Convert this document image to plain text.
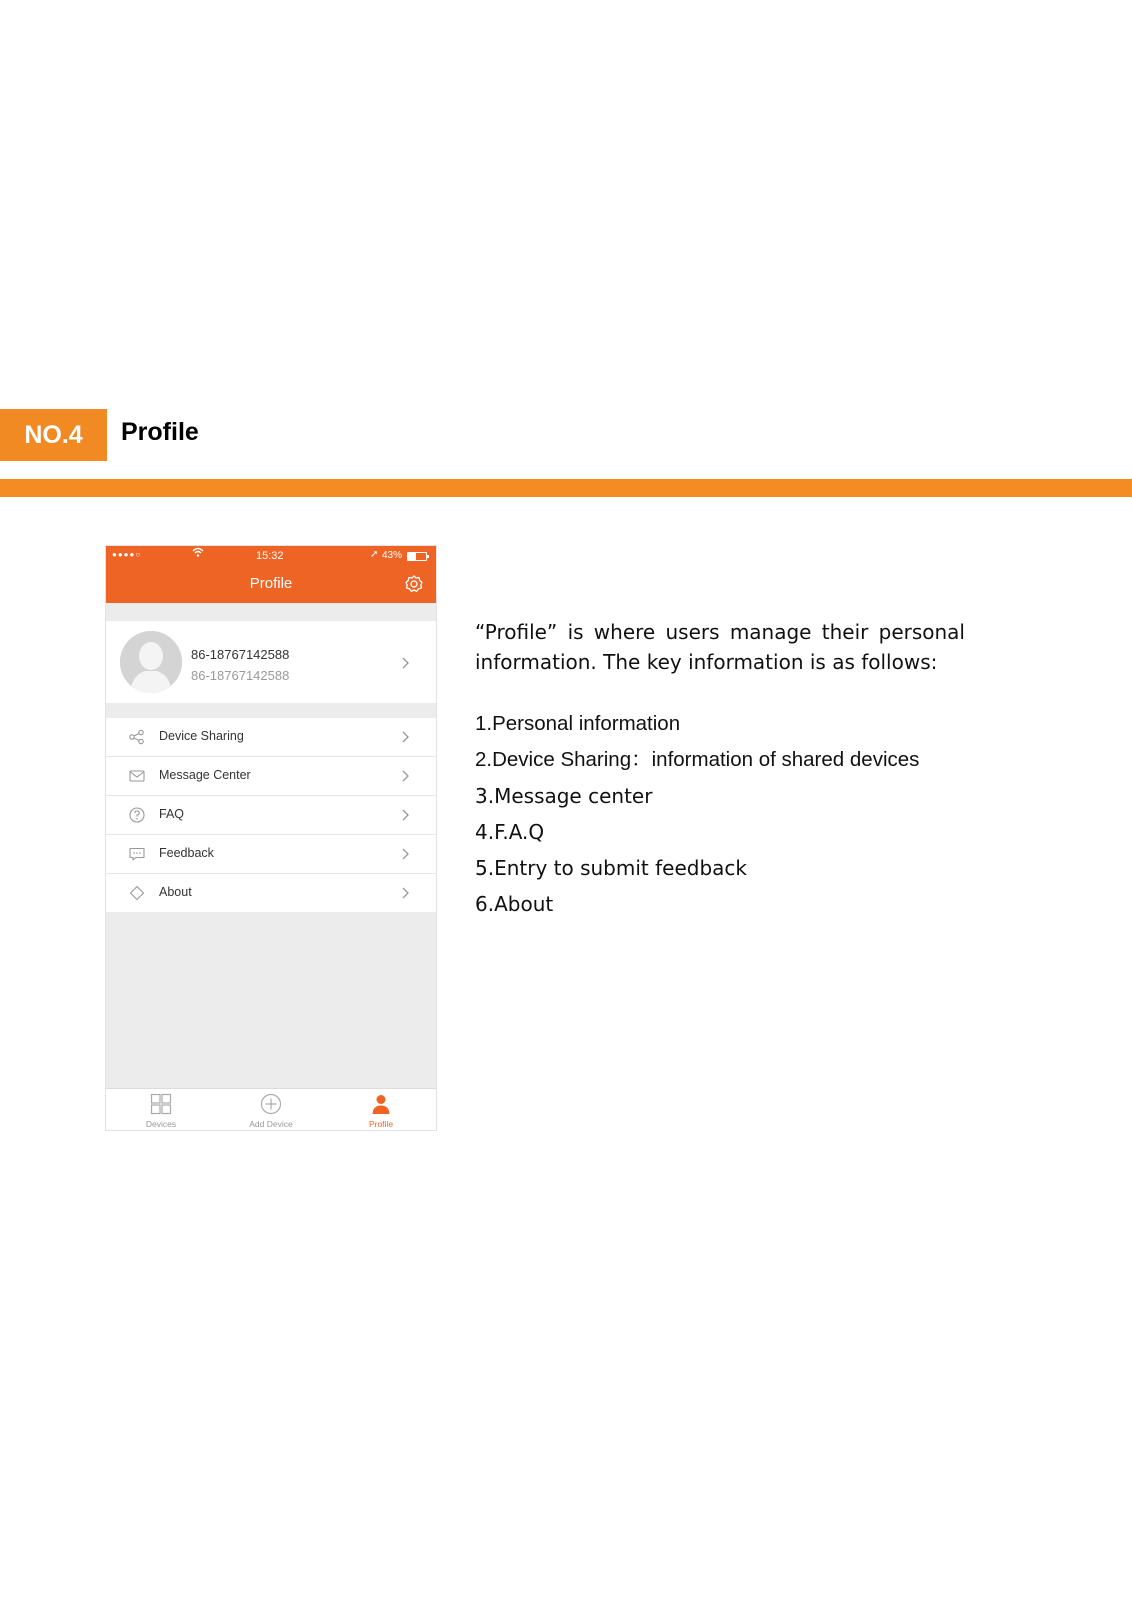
NO.4	Profile
●●●●○	15:32	➚ 43%
Profile
86-18767142588
86-18767142588
Device Sharing
Message Center
FAQ
Feedback
About
Devices	Add Device	Profile
“Profile” is where users manage their personal information. The key information is as follows:
1.Personal information
2.Device Sharing：information of shared devices
3.Message center
4.F.A.Q
5.Entry to submit feedback
6.About
